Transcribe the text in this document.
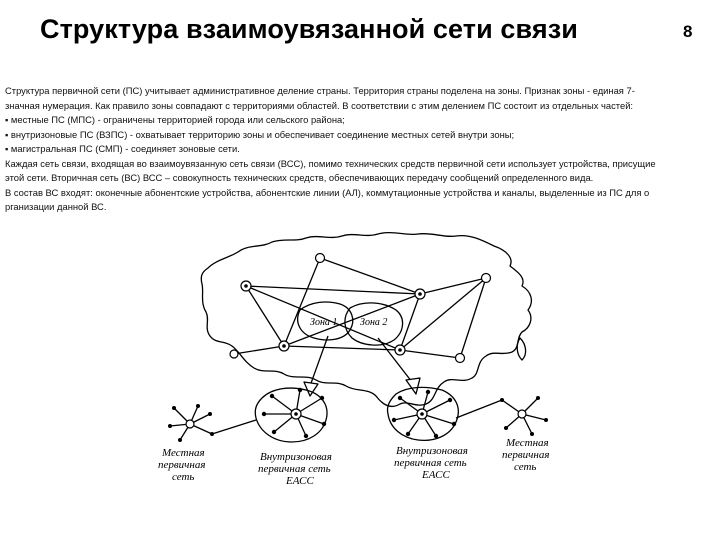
Структура взаимоувязанной сети связи	8
Структура первичной сети (ПС) учитывает административное деление страны. Территория страны поделена на зоны. Признак зоны - единая 7-
значная нумерация. Как правило зоны совпадают с территориями областей. В соответствии с этим делением ПС состоит из отдельных частей:
▪ местные ПС (МПС) - ограничены территорией города или сельского района;
▪ внутризоновые ПС (ВЗПС) - охватывает территорию зоны и обеспечивает соединение местных сетей внутри зоны;
▪ магистральная ПС (СМП) - соединяет зоновые сети.
Каждая сеть связи, входящая во взаимоувязанную сеть связи (ВСС), помимо технических средств первичной сети использует устройства, присущие
этой сети. Вторичная сеть (ВС) ВСС – совокупность технических средств, обеспечивающих передачу сообщений определенного вида.
В состав ВС входят: оконечные абонентские устройства, абонентские линии (АЛ), коммутационные устройства и каналы, выделенные из ПС для о
рганизации данной ВС.
Зона 1 Зона 2
Местная
первичная
сеть
Местная
первичная
сеть
Внутризоновая
первичная сеть
ЕАСС
Внутризоновая
первичная сеть
ЕАСС
